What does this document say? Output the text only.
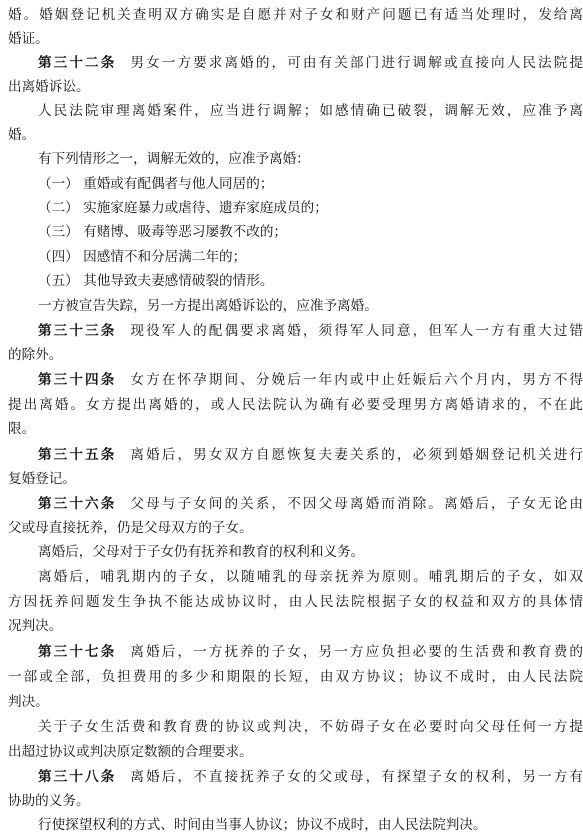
婚。婚姻登记机关查明双方确实是自愿并对子女和财产问题已有适当处理时，发给离
婚证。
第三十二条 男女一方要求离婚的，可由有关部门进行调解或直接向人民法院提
出离婚诉讼。
人民法院审理离婚案件，应当进行调解；如感情确已破裂，调解无效，应准予离
婚。
有下列情形之一，调解无效的，应准予离婚：
（一） 重婚或有配偶者与他人同居的；
（二） 实施家庭暴力或虐待、遗弃家庭成员的；
（三） 有赌博、吸毒等恶习屡教不改的；
（四） 因感情不和分居满二年的；
（五） 其他导致夫妻感情破裂的情形。
一方被宣告失踪，另一方提出离婚诉讼的，应准予离婚。
第三十三条 现役军人的配偶要求离婚，须得军人同意，但军人一方有重大过错
的除外。
第三十四条 女方在怀孕期间、分娩后一年内或中止妊娠后六个月内，男方不得
提出离婚。女方提出离婚的，或人民法院认为确有必要受理男方离婚请求的，不在此
限。
第三十五条 离婚后，男女双方自愿恢复夫妻关系的，必须到婚姻登记机关进行
复婚登记。
第三十六条 父母与子女间的关系，不因父母离婚而消除。离婚后，子女无论由
父或母直接抚养，仍是父母双方的子女。
离婚后，父母对于子女仍有抚养和教育的权利和义务。
离婚后，哺乳期内的子女，以随哺乳的母亲抚养为原则。哺乳期后的子女，如双
方因抚养问题发生争执不能达成协议时，由人民法院根据子女的权益和双方的具体情
况判决。
第三十七条 离婚后，一方抚养的子女，另一方应负担必要的生活费和教育费的
一部或全部，负担费用的多少和期限的长短，由双方协议；协议不成时，由人民法院
判决。
关于子女生活费和教育费的协议或判决，不妨碍子女在必要时向父母任何一方提
出超过协议或判决原定数额的合理要求。
第三十八条 离婚后，不直接抚养子女的父或母，有探望子女的权利，另一方有
协助的义务。
行使探望权利的方式、时间由当事人协议；协议不成时，由人民法院判决。
